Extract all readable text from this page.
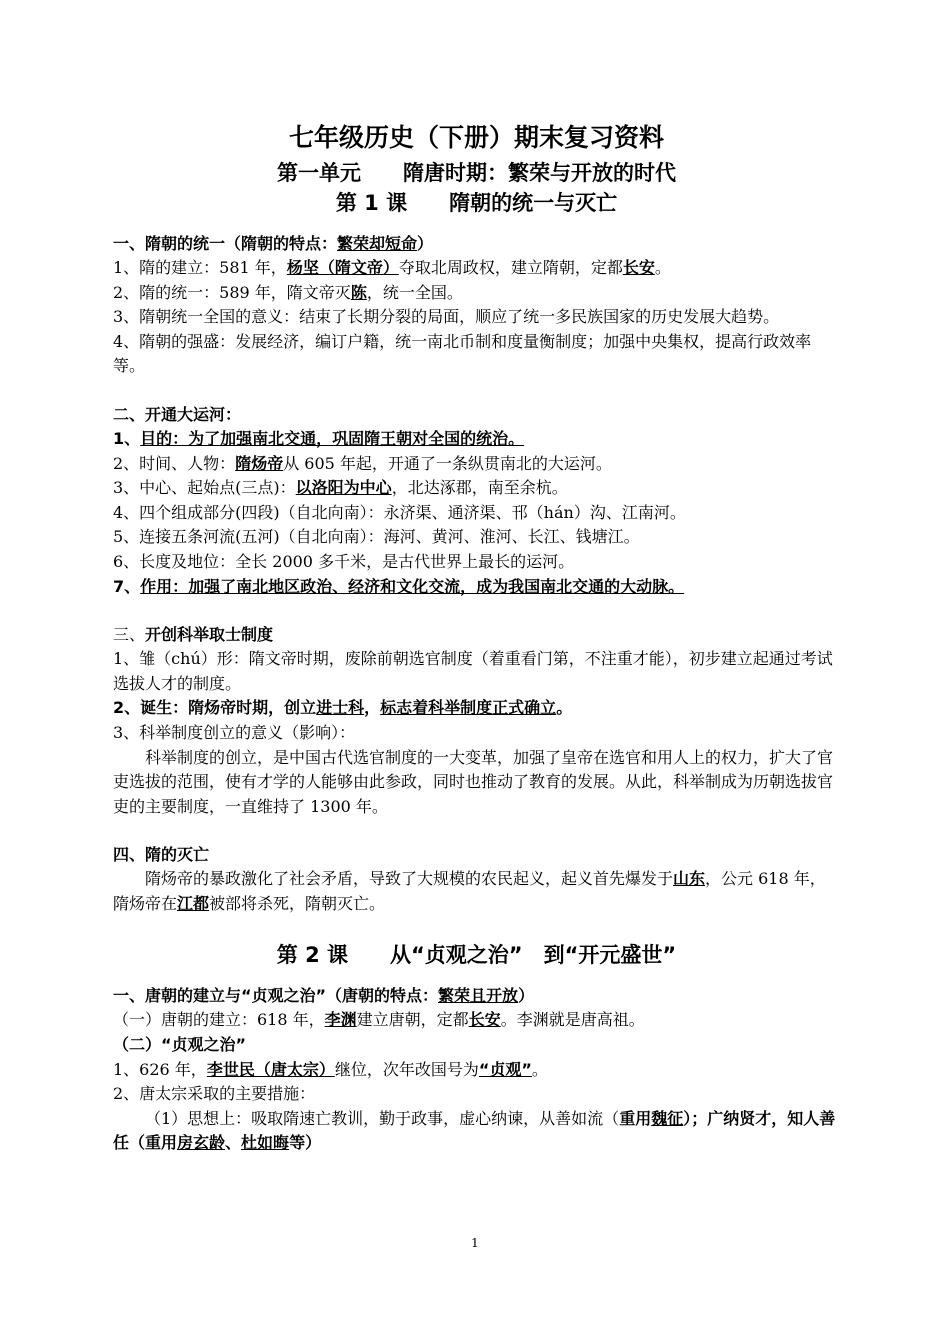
七年级历史（下册）期末复习资料
第一单元　　隋唐时期：繁荣与开放的时代
第 1 课　　隋朝的统一与灭亡
一、隋朝的统一（隋朝的特点：繁荣却短命）
1、隋的建立：581 年，杨坚（隋文帝）夺取北周政权，建立隋朝，定都长安。
2、隋的统一：589 年，隋文帝灭陈，统一全国。
3、隋朝统一全国的意义：结束了长期分裂的局面，顺应了统一多民族国家的历史发展大趋势。
4、隋朝的强盛：发展经济，编订户籍，统一南北币制和度量衡制度；加强中央集权，提高行政效率等。
二、开通大运河：
1、目的：为了加强南北交通，巩固隋王朝对全国的统治。
2、时间、人物：隋炀帝从 605 年起，开通了一条纵贯南北的大运河。
3、中心、起始点(三点)：以洛阳为中心，北达涿郡，南至余杭。
4、四个组成部分(四段)（自北向南）：永济渠、通济渠、邗（hán）沟、江南河。
5、连接五条河流(五河)（自北向南）：海河、黄河、淮河、长江、钱塘江。
6、长度及地位：全长 2000 多千米，是古代世界上最长的运河。
7、作用：加强了南北地区政治、经济和文化交流，成为我国南北交通的大动脉。
三、开创科举取士制度
1、雏（chú）形：隋文帝时期，废除前朝选官制度（着重看门第，不注重才能），初步建立起通过考试选拔人才的制度。
2、诞生：隋炀帝时期，创立进士科，标志着科举制度正式确立。
3、科举制度创立的意义（影响）：
科举制度的创立，是中国古代选官制度的一大变革，加强了皇帝在选官和用人上的权力，扩大了官吏选拔的范围，使有才学的人能够由此参政，同时也推动了教育的发展。从此，科举制成为历朝选拔官吏的主要制度，一直维持了 1300 年。
四、隋的灭亡
隋炀帝的暴政激化了社会矛盾，导致了大规模的农民起义，起义首先爆发于山东，公元 618 年，隋炀帝在江都被部将杀死，隋朝灭亡。
第 2 课　　从“贞观之治”　到“开元盛世”
一、唐朝的建立与“贞观之治”（唐朝的特点：繁荣且开放）
（一）唐朝的建立：618 年，李渊建立唐朝，定都长安。李渊就是唐高祖。
（二）“贞观之治”
1、626 年，李世民（唐太宗）继位，次年改国号为“贞观”。
2、唐太宗采取的主要措施：
（1）思想上：吸取隋速亡教训，勤于政事，虚心纳谏，从善如流（重用魏征）；广纳贤才，知人善任（重用房玄龄、杜如晦等）
1
